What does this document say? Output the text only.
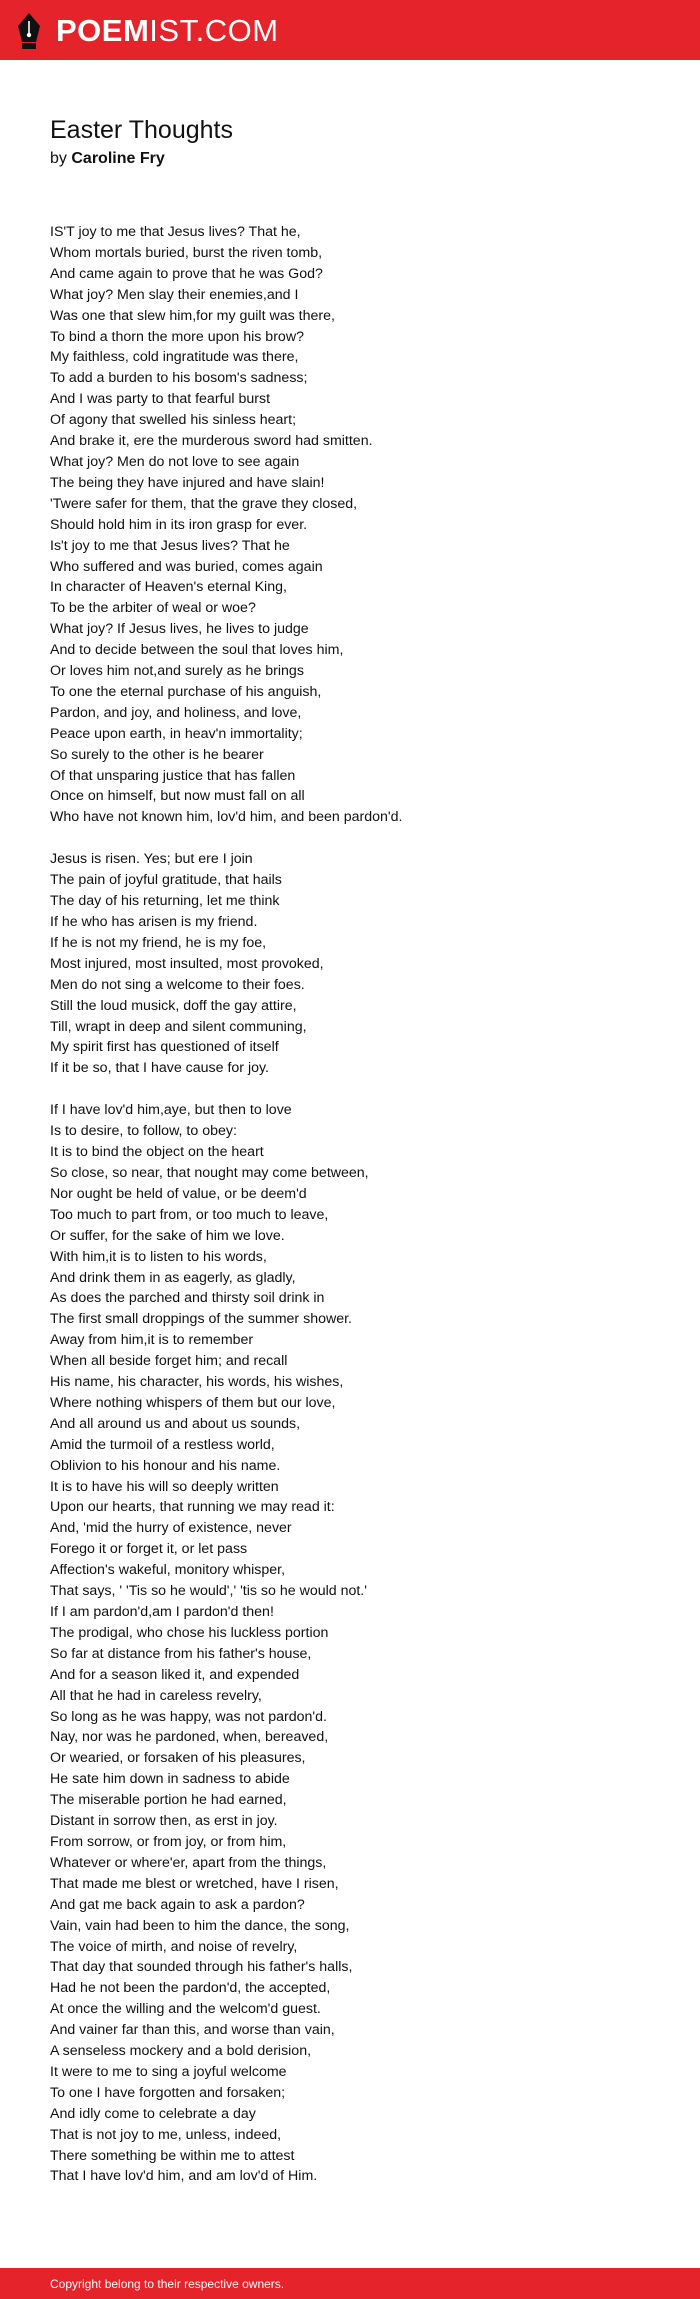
POEMIST.COM
Easter Thoughts
by Caroline Fry
IS'T joy to me that Jesus lives? That he,
Whom mortals buried, burst the riven tomb,
And came again to prove that he was God?
What joy? Men slay their enemies,and I
Was one that slew him,for my guilt was there,
To bind a thorn the more upon his brow?
My faithless, cold ingratitude was there,
To add a burden to his bosom's sadness;
And I was party to that fearful burst
Of agony that swelled his sinless heart;
And brake it, ere the murderous sword had smitten.
What joy? Men do not love to see again
The being they have injured and have slain!
'Twere safer for them, that the grave they closed,
Should hold him in its iron grasp for ever.
Is't joy to me that Jesus lives? That he
Who suffered and was buried, comes again
In character of Heaven's eternal King,
To be the arbiter of weal or woe?
What joy? If Jesus lives, he lives to judge
And to decide between the soul that loves him,
Or loves him not,and surely as he brings
To one the eternal purchase of his anguish,
Pardon, and joy, and holiness, and love,
Peace upon earth, in heav'n immortality;
So surely to the other is he bearer
Of that unsparing justice that has fallen
Once on himself, but now must fall on all
Who have not known him, lov'd him, and been pardon'd.
Jesus is risen. Yes; but ere I join
The pain of joyful gratitude, that hails
The day of his returning, let me think
If he who has arisen is my friend.
If he is not my friend, he is my foe,
Most injured, most insulted, most provoked,
Men do not sing a welcome to their foes.
Still the loud musick, doff the gay attire,
Till, wrapt in deep and silent communing,
My spirit first has questioned of itself
If it be so, that I have cause for joy.
If I have lov'd him,aye, but then to love
Is to desire, to follow, to obey:
It is to bind the object on the heart
So close, so near, that nought may come between,
Nor ought be held of value, or be deem'd
Too much to part from, or too much to leave,
Or suffer, for the sake of him we love.
With him,it is to listen to his words,
And drink them in as eagerly, as gladly,
As does the parched and thirsty soil drink in
The first small droppings of the summer shower.
Away from him,it is to remember
When all beside forget him; and recall
His name, his character, his words, his wishes,
Where nothing whispers of them but our love,
And all around us and about us sounds,
Amid the turmoil of a restless world,
Oblivion to his honour and his name.
It is to have his will so deeply written
Upon our hearts, that running we may read it:
And, 'mid the hurry of existence, never
Forego it or forget it, or let pass
Affection's wakeful, monitory whisper,
That says, ' 'Tis so he would',' 'tis so he would not.'
If I am pardon'd,am I pardon'd then!
The prodigal, who chose his luckless portion
So far at distance from his father's house,
And for a season liked it, and expended
All that he had in careless revelry,
So long as he was happy, was not pardon'd.
Nay, nor was he pardoned, when, bereaved,
Or wearied, or forsaken of his pleasures,
He sate him down in sadness to abide
The miserable portion he had earned,
Distant in sorrow then, as erst in joy.
From sorrow, or from joy, or from him,
Whatever or where'er, apart from the things,
That made me blest or wretched, have I risen,
And gat me back again to ask a pardon?
Vain, vain had been to him the dance, the song,
The voice of mirth, and noise of revelry,
That day that sounded through his father's halls,
Had he not been the pardon'd, the accepted,
At once the willing and the welcom'd guest.
And vainer far than this, and worse than vain,
A senseless mockery and a bold derision,
It were to me to sing a joyful welcome
To one I have forgotten and forsaken;
And idly come to celebrate a day
That is not joy to me, unless, indeed,
There something be within me to attest
That I have lov'd him, and am lov'd of Him.
Copyright belong to their respective owners.
